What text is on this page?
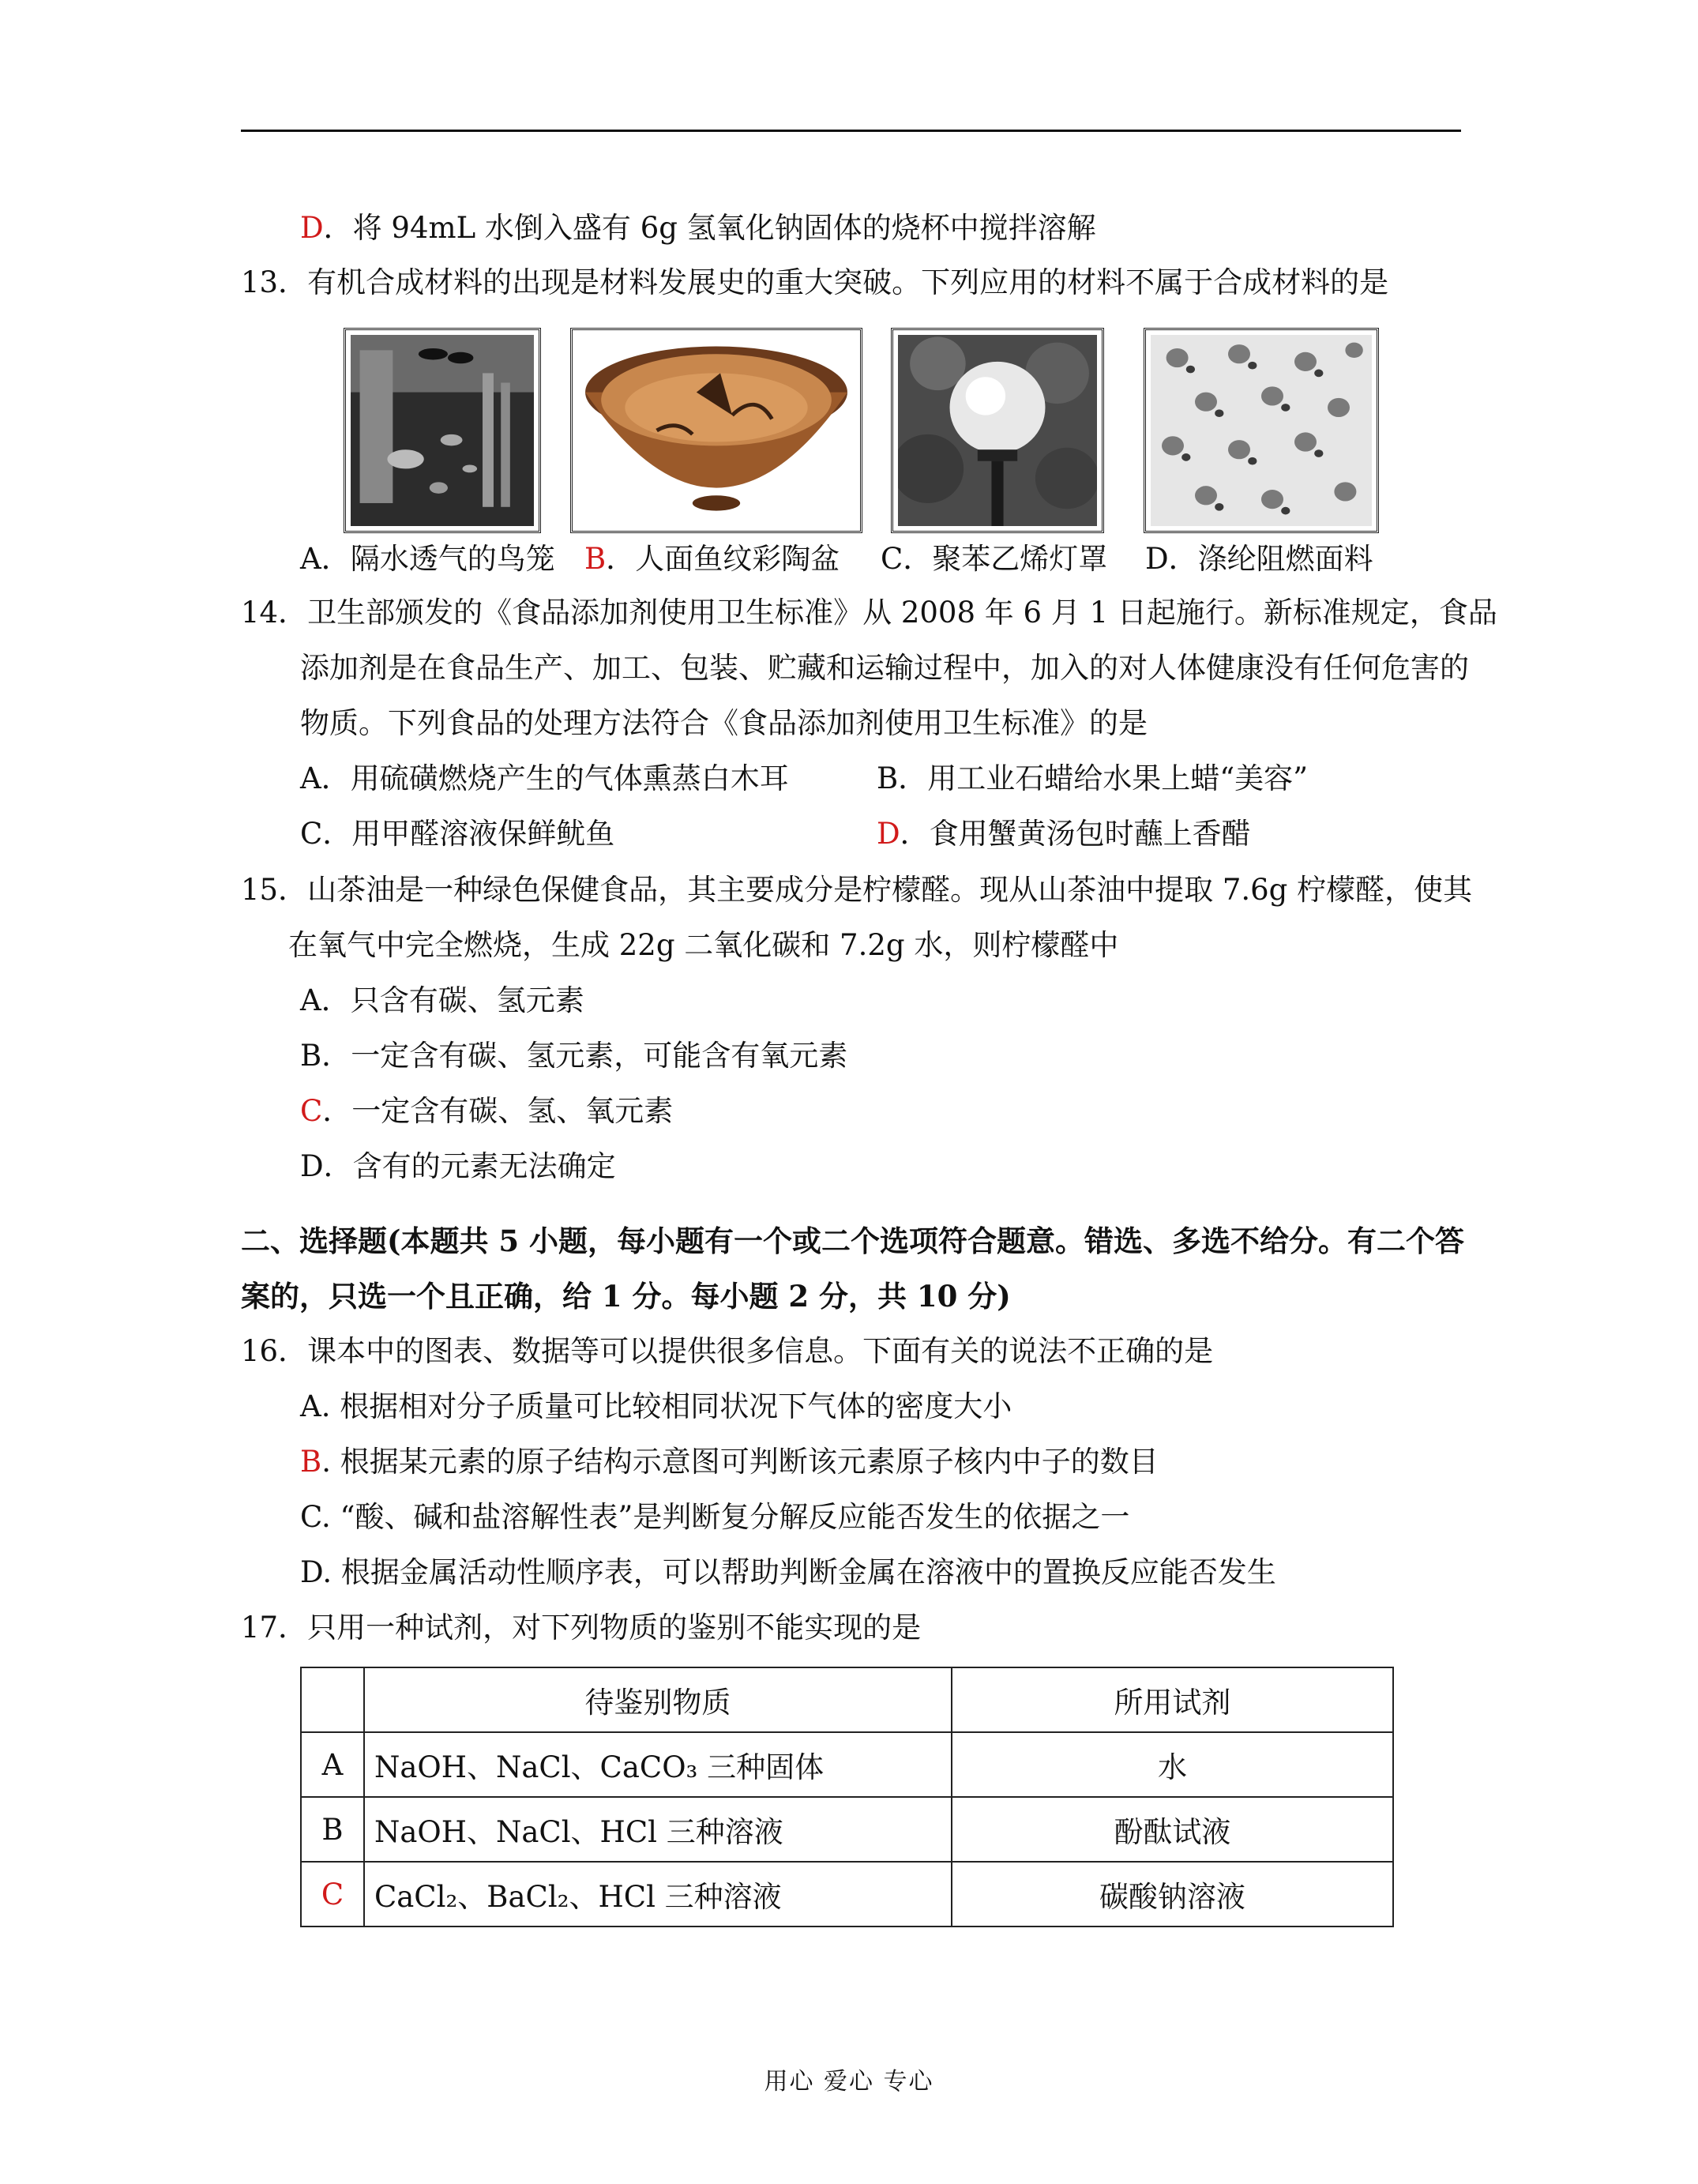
D．将 94mL 水倒入盛有 6g 氢氧化钠固体的烧杯中搅拌溶解
13．有机合成材料的出现是材料发展史的重大突破。下列应用的材料不属于合成材料的是
A．隔水透气的鸟笼 B．人面鱼纹彩陶盆 C．聚苯乙烯灯罩 D．涤纶阻燃面料
14．卫生部颁发的《食品添加剂使用卫生标准》从 2008 年 6 月 1 日起施行。新标准规定，食品
添加剂是在食品生产、加工、包装、贮藏和运输过程中，加入的对人体健康没有任何危害的
物质。下列食品的处理方法符合《食品添加剂使用卫生标准》的是
A．用硫磺燃烧产生的气体熏蒸白木耳	B．用工业石蜡给水果上蜡“美容”
C．用甲醛溶液保鲜鱿鱼	D．食用蟹黄汤包时蘸上香醋
15．山茶油是一种绿色保健食品，其主要成分是柠檬醛。现从山茶油中提取 7.6g 柠檬醛，使其
在氧气中完全燃烧，生成 22g 二氧化碳和 7.2g 水，则柠檬醛中
A．只含有碳、氢元素
B．一定含有碳、氢元素，可能含有氧元素
C．一定含有碳、氢、氧元素
D．含有的元素无法确定
二、选择题(本题共 5 小题，每小题有一个或二个选项符合题意。错选、多选不给分。有二个答
案的，只选一个且正确，给 1 分。每小题 2 分，共 10 分)
16．课本中的图表、数据等可以提供很多信息。下面有关的说法不正确的是
A. 根据相对分子质量可比较相同状况下气体的密度大小
B. 根据某元素的原子结构示意图可判断该元素原子核内中子的数目
C. “酸、碱和盐溶解性表”是判断复分解反应能否发生的依据之一
D. 根据金属活动性顺序表，可以帮助判断金属在溶液中的置换反应能否发生
17．只用一种试剂，对下列物质的鉴别不能实现的是
	待鉴别物质	所用试剂
A	NaOH、NaCl、CaCO₃ 三种固体	水
B	NaOH、NaCl、HCl 三种溶液	酚酞试液
C	CaCl₂、BaCl₂、HCl 三种溶液	碳酸钠溶液
用心 爱心 专心
